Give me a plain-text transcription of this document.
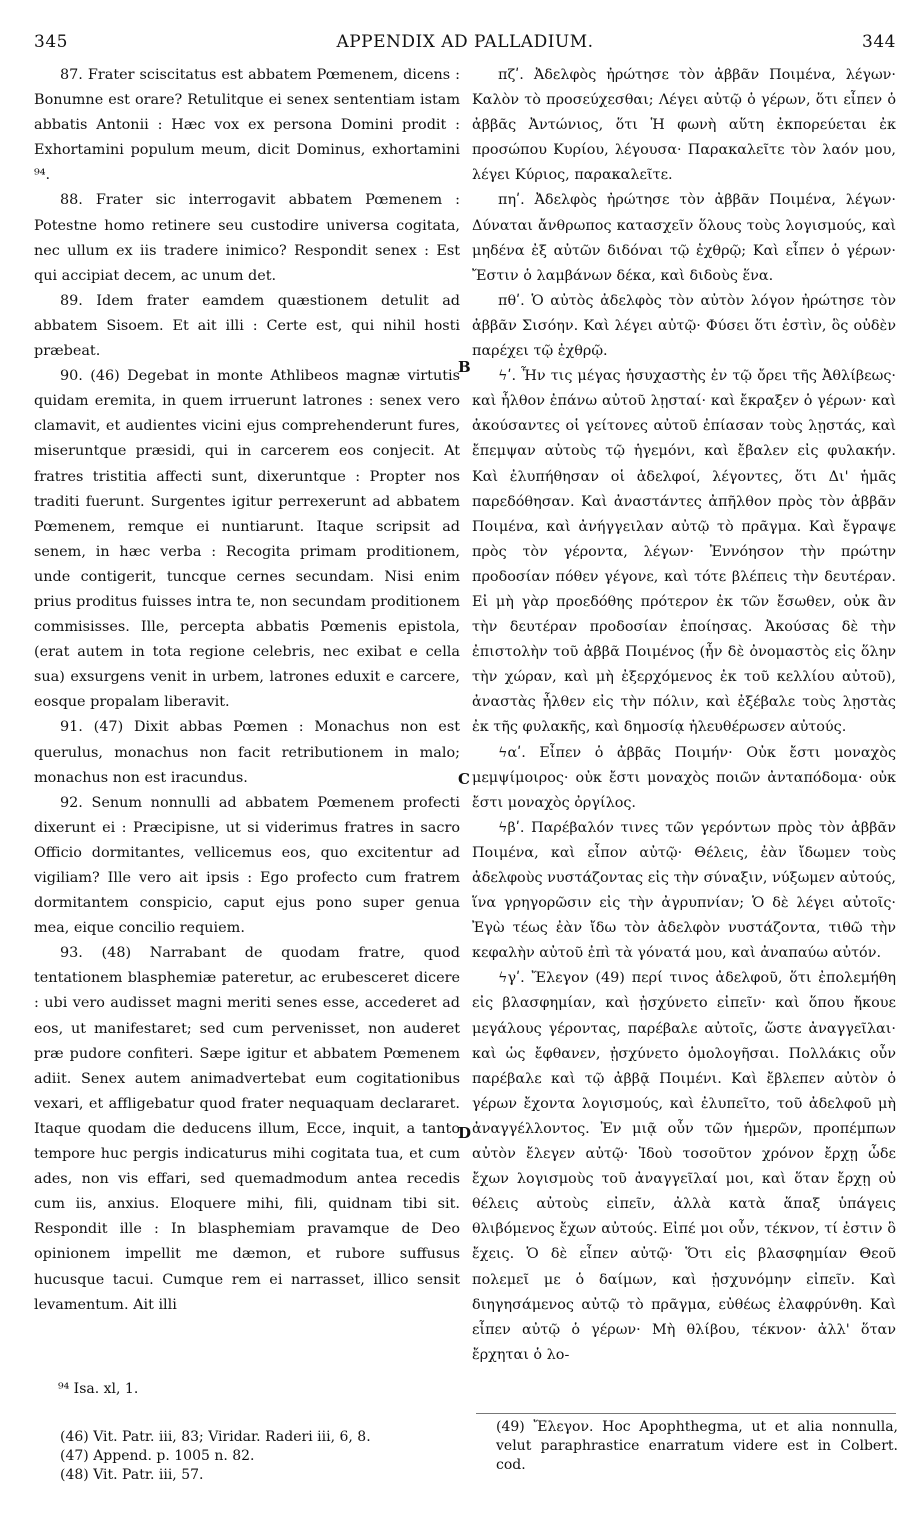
345	APPENDIX AD PALLADIUM.	344

87. Frater sciscitatus est abbatem Pœmenem, dicens : Bonumne est orare? Retulitque ei senex sententiam istam abbatis Antonii : Hæc vox ex persona Domini prodit : Exhortamini populum meum, dicit Dominus, exhortamini ⁹⁴.

88. Frater sic interrogavit abbatem Pœmenem : Potestne homo retinere seu custodire universa cogitata, nec ullum ex iis tradere inimico? Respondit senex : Est qui accipiat decem, ac unum det.

89. Idem frater eamdem quæstionem detulit ad abbatem Sisoem. Et ait illi : Certe est, qui nihil hosti præbeat.

90. (46) Degebat in monte Athlibeos magnæ virtutis quidam eremita, in quem irruerunt latrones : senex vero clamavit, et audientes vicini ejus comprehenderunt fures, miseruntque præsidi, qui in carcerem eos conjecit. At fratres tristitia affecti sunt, dixeruntque : Propter nos traditi fuerunt. Surgentes igitur perrexerunt ad abbatem Pœmenem, remque ei nuntiarunt. Itaque scripsit ad senem, in hæc verba : Recogita primam proditionem, unde contigerit, tuncque cernes secundam. Nisi enim prius proditus fuisses intra te, non secundam proditionem commisisses. Ille, percepta abbatis Pœmenis epistola, (erat autem in tota regione celebris, nec exibat e cella sua) exsurgens venit in urbem, latrones eduxit e carcere, eosque propalam liberavit.

91. (47) Dixit abbas Pœmen : Monachus non est querulus, monachus non facit retributionem in malo; monachus non est iracundus.

92. Senum nonnulli ad abbatem Pœmenem profecti dixerunt ei : Præcipisne, ut si viderimus fratres in sacro Officio dormitantes, vellicemus eos, quo excitentur ad vigiliam? Ille vero ait ipsis : Ego profecto cum fratrem dormitantem conspicio, caput ejus pono super genua mea, eique concilio requiem.

93. (48) Narrabant de quodam fratre, quod tentationem blasphemiæ pateretur, ac erubesceret dicere : ubi vero audisset magni meriti senes esse, accederet ad eos, ut manifestaret; sed cum pervenisset, non auderet præ pudore confiteri. Sæpe igitur et abbatem Pœmenem adiit. Senex autem animadvertebat eum cogitationibus vexari, et affligebatur quod frater nequaquam declararet. Itaque quodam die deducens illum, Ecce, inquit, a tanto tempore huc pergis indicaturus mihi cogitata tua, et cum ades, non vis effari, sed quemadmodum antea recedis cum iis, anxius. Eloquere mihi, fili, quidnam tibi sit. Respondit ille : In blasphemiam pravamque de Deo opinionem impellit me dæmon, et rubore suffusus hucusque tacui. Cumque rem ei narrasset, illico sensit levamentum. Ait illi

B
C
D

πζʹ. Ἀδελφὸς ἠρώτησε τὸν ἀββᾶν Ποιμένα, λέγων· Καλὸν τὸ προσεύχεσθαι; Λέγει αὐτῷ ὁ γέρων, ὅτι εἶπεν ὁ ἀββᾶς Ἀντώνιος, ὅτι Ἡ φωνὴ αὕτη ἐκπορεύεται ἐκ προσώπου Κυρίου, λέγουσα· Παρακαλεῖτε τὸν λαόν μου, λέγει Κύριος, παρακαλεῖτε.

πηʹ. Ἀδελφὸς ἠρώτησε τὸν ἀββᾶν Ποιμένα, λέγων· Δύναται ἄνθρωπος κατασχεῖν ὅλους τοὺς λογισμούς, καὶ μηδένα ἐξ αὐτῶν διδόναι τῷ ἐχθρῷ; Καὶ εἶπεν ὁ γέρων· Ἔστιν ὁ λαμβάνων δέκα, καὶ διδοὺς ἕνα.

πθʹ. Ὁ αὐτὸς ἀδελφὸς τὸν αὐτὸν λόγον ἠρώτησε τὸν ἀββᾶν Σισόην. Καὶ λέγει αὐτῷ· Φύσει ὅτι ἐστὶν, ὃς οὐδὲν παρέχει τῷ ἐχθρῷ.

ϟʹ. Ἦν τις μέγας ἡσυχαστὴς ἐν τῷ ὄρει τῆς Ἀθλίβεως· καὶ ἦλθον ἐπάνω αὐτοῦ λῃσταί· καὶ ἔκραξεν ὁ γέρων· καὶ ἀκούσαντες οἱ γείτονες αὐτοῦ ἐπίασαν τοὺς λῃστάς, καὶ ἔπεμψαν αὐτοὺς τῷ ἡγεμόνι, καὶ ἔβαλεν εἰς φυλακήν. Καὶ ἐλυπήθησαν οἱ ἀδελφοί, λέγοντες, ὅτι Δι' ἡμᾶς παρεδόθησαν. Καὶ ἀναστάντες ἀπῆλθον πρὸς τὸν ἀββᾶν Ποιμένα, καὶ ἀνήγγειλαν αὐτῷ τὸ πρᾶγμα. Καὶ ἔγραψε πρὸς τὸν γέροντα, λέγων· Ἐννόησον τὴν πρώτην προδοσίαν πόθεν γέγονε, καὶ τότε βλέπεις τὴν δευτέραν. Εἰ μὴ γὰρ προεδόθης πρότερον ἐκ τῶν ἔσωθεν, οὐκ ἂν τὴν δευτέραν προδοσίαν ἐποίησας. Ἀκούσας δὲ τὴν ἐπιστολὴν τοῦ ἀββᾶ Ποιμένος (ἦν δὲ ὀνομαστὸς εἰς ὅλην τὴν χώραν, καὶ μὴ ἐξερχόμενος ἐκ τοῦ κελλίου αὐτοῦ), ἀναστὰς ἦλθεν εἰς τὴν πόλιν, καὶ ἐξέβαλε τοὺς λῃστὰς ἐκ τῆς φυλακῆς, καὶ δημοσίᾳ ἠλευθέρωσεν αὐτούς.

ϟαʹ. Εἶπεν ὁ ἀββᾶς Ποιμήν· Οὐκ ἔστι μοναχὸς μεμψίμοιρος· οὐκ ἔστι μοναχὸς ποιῶν ἀνταπόδομα· οὐκ ἔστι μοναχὸς ὀργίλος.

ϟβʹ. Παρέβαλόν τινες τῶν γερόντων πρὸς τὸν ἀββᾶν Ποιμένα, καὶ εἶπον αὐτῷ· Θέλεις, ἐὰν ἴδωμεν τοὺς ἀδελφοὺς νυστάζοντας εἰς τὴν σύναξιν, νύξωμεν αὐτούς, ἵνα γρηγορῶσιν εἰς τὴν ἀγρυπνίαν; Ὁ δὲ λέγει αὐτοῖς· Ἐγὼ τέως ἐὰν ἴδω τὸν ἀδελφὸν νυστάζοντα, τιθῶ τὴν κεφαλὴν αὐτοῦ ἐπὶ τὰ γόνατά μου, καὶ ἀναπαύω αὐτόν.

ϟγʹ. Ἔλεγον (49) περί τινος ἀδελφοῦ, ὅτι ἐπολεμήθη εἰς βλασφημίαν, καὶ ᾐσχύνετο εἰπεῖν· καὶ ὅπου ἤκουε μεγάλους γέροντας, παρέβαλε αὐτοῖς, ὥστε ἀναγγεῖλαι· καὶ ὡς ἔφθανεν, ᾐσχύνετο ὁμολογῆσαι. Πολλάκις οὖν παρέβαλε καὶ τῷ ἀββᾷ Ποιμένι. Καὶ ἔβλεπεν αὐτὸν ὁ γέρων ἔχοντα λογισμούς, καὶ ἐλυπεῖτο, τοῦ ἀδελφοῦ μὴ ἀναγγέλλοντος. Ἐν μιᾷ οὖν τῶν ἡμερῶν, προπέμπων αὐτὸν ἔλεγεν αὐτῷ· Ἰδοὺ τοσοῦτον χρόνον ἔρχῃ ὧδε ἔχων λογισμοὺς τοῦ ἀναγγεῖλαί μοι, καὶ ὅταν ἔρχῃ οὐ θέλεις αὐτοὺς εἰπεῖν, ἀλλὰ κατὰ ἅπαξ ὑπάγεις θλιβόμενος ἔχων αὐτούς. Εἰπέ μοι οὖν, τέκνον, τί ἐστιν ὃ ἔχεις. Ὁ δὲ εἶπεν αὐτῷ· Ὅτι εἰς βλασφημίαν Θεοῦ πολεμεῖ με ὁ δαίμων, καὶ ᾐσχυνόμην εἰπεῖν. Καὶ διηγησάμενος αὐτῷ τὸ πρᾶγμα, εὐθέως ἐλαφρύνθη. Καὶ εἶπεν αὐτῷ ὁ γέρων· Μὴ θλίβου, τέκνον· ἀλλ' ὅταν ἔρχηται ὁ λο-

⁹⁴ Isa. xl, 1.

(46) Vit. Patr. iii, 83; Viridar. Raderi iii, 6, 8.

(47) Append. p. 1005 n. 82.

(48) Vit. Patr. iii, 57.

(49) Ἔλεγον. Hoc Apophthegma, ut et alia nonnulla, velut paraphrastice enarratum videre est in Colbert. cod.
